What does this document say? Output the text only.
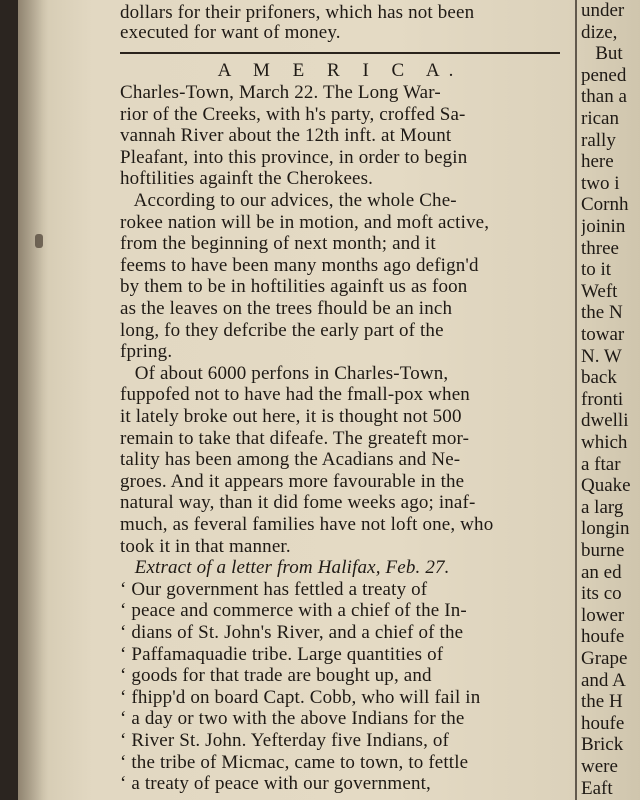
dollars for their prifoners, which has not been
executed for want of money.
A M E R I C A.
Charles-Town, March 22. The Long War-
rior of the Creeks, with h's party, croffed Sa-
vannah River about the 12th inft. at Mount
Pleafant, into this province, in order to begin
hoftilities againft the Cherokees.
According to our advices, the whole Che-
rokee nation will be in motion, and moft active,
from the beginning of next month; and it
feems to have been many months ago defign'd
by them to be in hoftilities againft us as foon
as the leaves on the trees fhould be an inch
long, fo they defcribe the early part of the
fpring.
Of about 6000 perfons in Charles-Town,
fuppofed not to have had the fmall-pox when
it lately broke out here, it is thought not 500
remain to take that difeafe. The greateft mor-
tality has been among the Acadians and Ne-
groes. And it appears more favourable in the
natural way, than it did fome weeks ago; inaf-
much, as feveral families have not loft one, who
took it in that manner.
Extract of a letter from Halifax, Feb. 27.
‘ Our government has fettled a treaty of
‘ peace and commerce with a chief of the In-
‘ dians of St. John's River, and a chief of the
‘ Paffamaquadie tribe. Large quantities of
‘ goods for that trade are bought up, and
‘ fhipp'd on board Capt. Cobb, who will fail in
‘ a day or two with the above Indians for the
‘ River St. John. Yefterday five Indians, of
‘ the tribe of Micmac, came to town, to fettle
‘ a treaty of peace with our government,
under
dize,
But
pened
than a
rican
rally
here
two i
Cornh
joinin
three
to it
Weft
the N
towar
N. W
back
fronti
dwelli
which
a ftar
Quake
a larg
longin
burne
an ed
its co
lower
houfe
Grape
and A
the H
houfe
Brick
were
Eaft
